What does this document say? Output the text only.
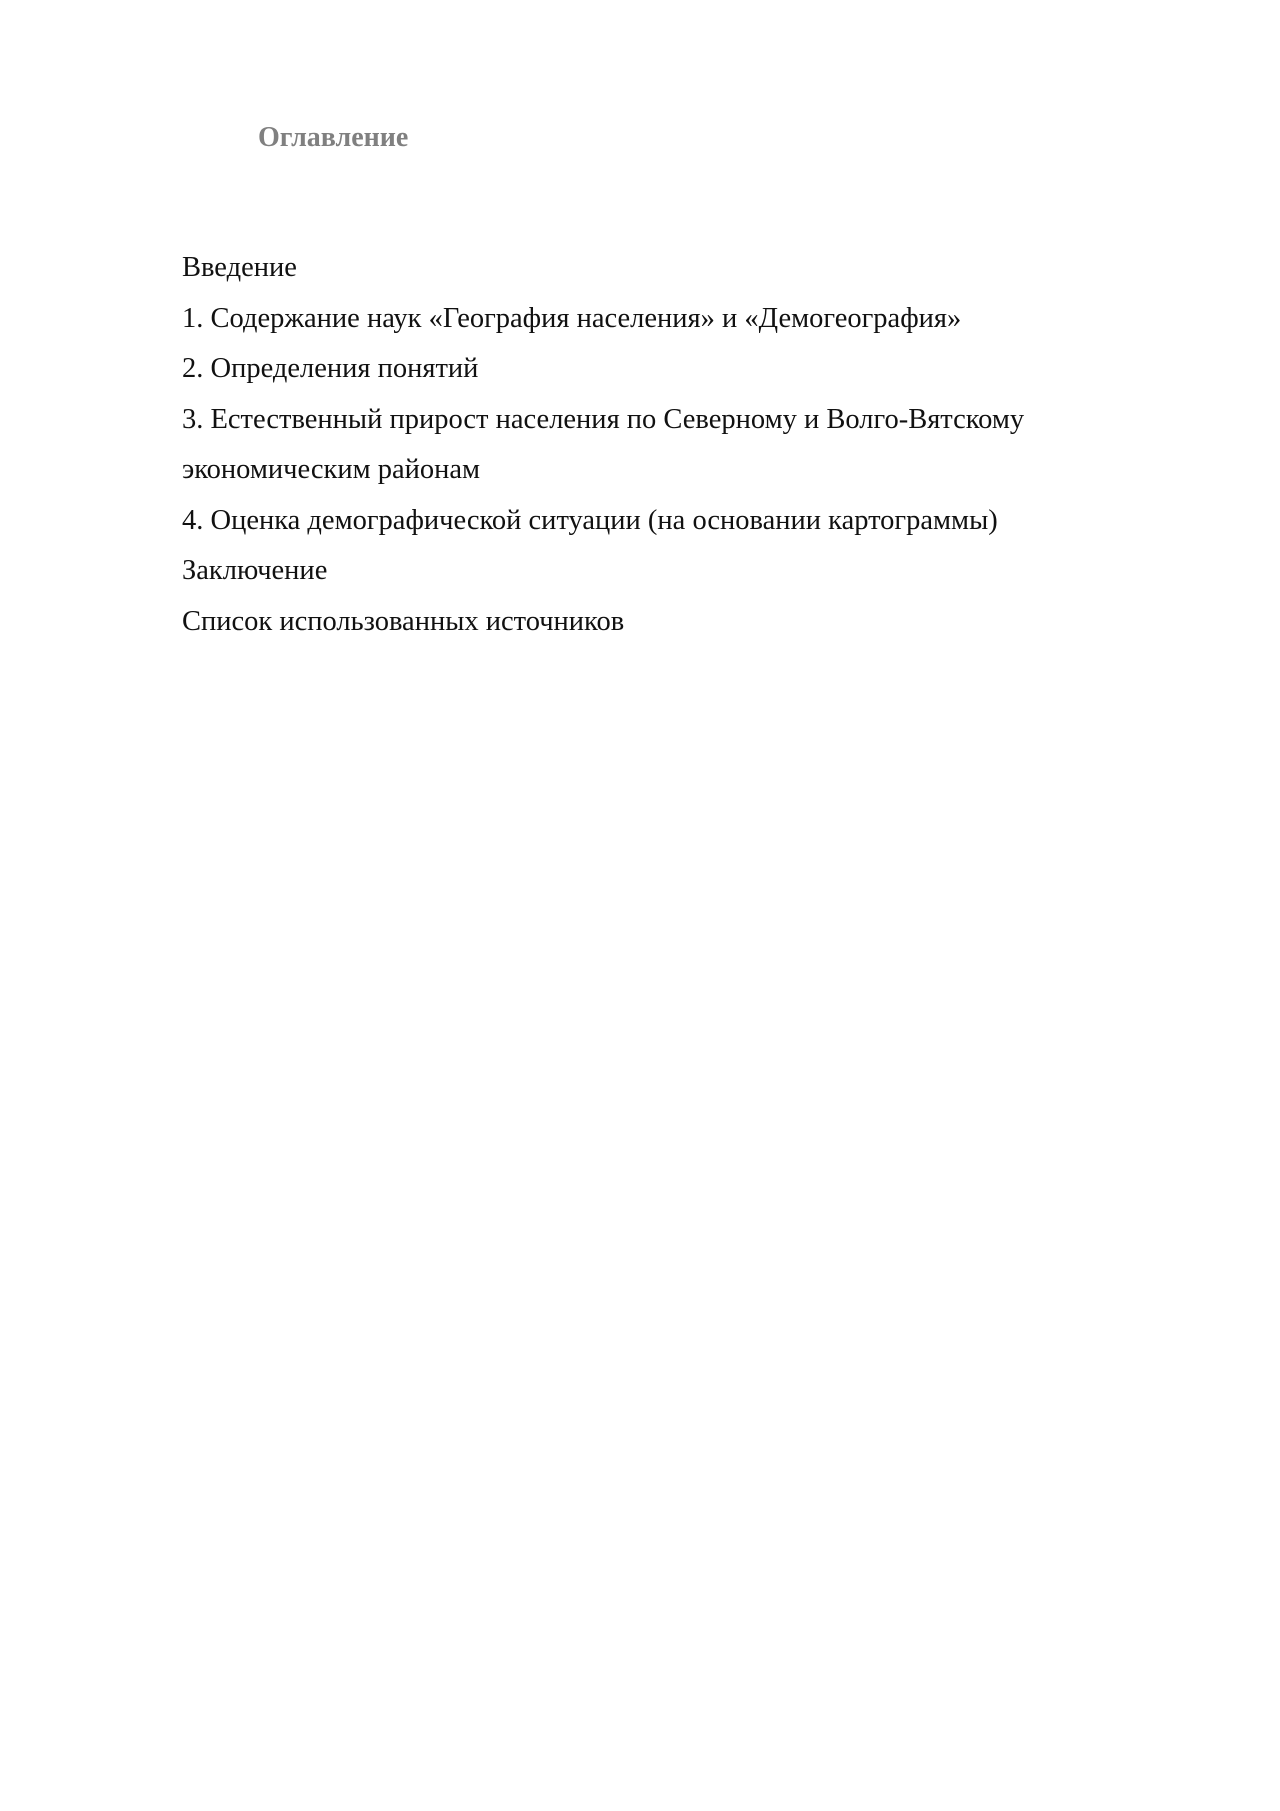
Оглавление
Введение
1. Содержание наук «География населения» и «Демогеография»
2. Определения понятий
3. Естественный прирост населения по Северному и Волго-Вятскому экономическим районам
4. Оценка демографической ситуации (на основании картограммы)
Заключение
Список использованных источников
